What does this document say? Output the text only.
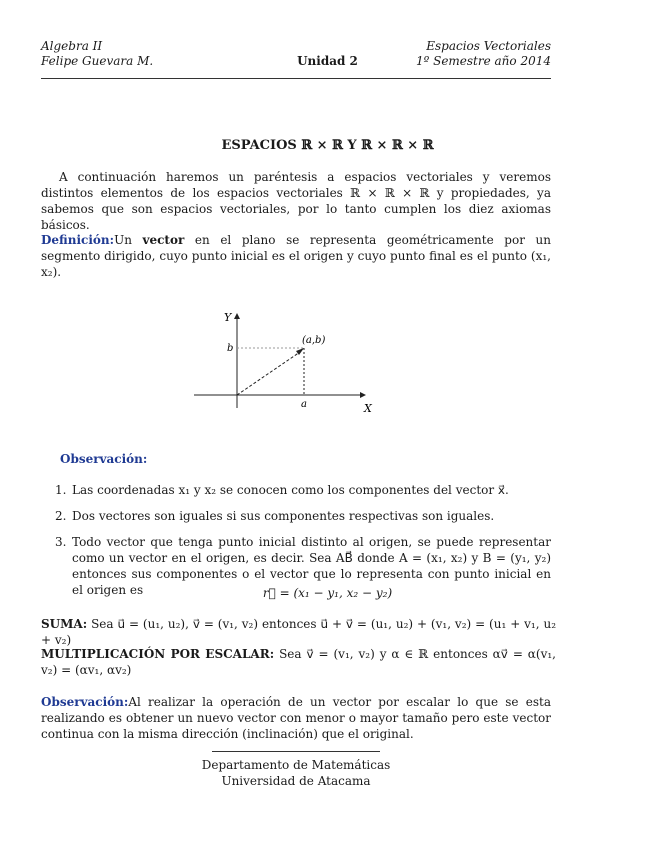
Algebra II
Felipe Guevara M.	Unidad 2
Espacios Vectoriales
1º Semestre año 2014
ESPACIOS ℝ × ℝ Y ℝ × ℝ × ℝ

A continuación haremos un paréntesis a espacios vectoriales y veremos distintos elementos de los espacios vectoriales ℝ × ℝ × ℝ y propiedades, ya sabemos que son espacios vectoriales, por lo tanto cumplen los diez axiomas básicos.

Definición:Un vector en el plano se representa geométricamente por un segmento dirigido, cuyo punto inicial es el origen y cuyo punto final es el punto (x₁, x₂).

Y
X
b
a
(a,b)
Observación:
1. Las coordenadas x₁ y x₂ se conocen como los componentes del vector x⃗.
2. Dos vectores son iguales si sus componentes respectivas son iguales.
3. Todo vector que tenga punto inicial distinto al origen, se puede representar como un vector en el origen, es decir. Sea AB⃗ donde A = (x₁, x₂) y B = (y₁, y₂) entonces sus componentes o el vector que lo representa con punto inicial en el origen es	r⃗ = (x₁ − y₁, x₂ − y₂)

SUMA: Sea u⃗ = (u₁, u₂), v⃗ = (v₁, v₂) entonces u⃗ + v⃗ = (u₁, u₂) + (v₁, v₂) = (u₁ + v₁, u₂ + v₂)

MULTIPLICACIÓN POR ESCALAR: Sea v⃗ = (v₁, v₂) y α ∈ ℝ entonces αv⃗ = α(v₁, v₂) = (αv₁, αv₂)

Observación:Al realizar la operación de un vector por escalar lo que se esta realizando es obtener un nuevo vector con menor o mayor tamaño pero este vector continua con la misma dirección (inclinación) que el original.

Departamento de Matemáticas
Universidad de Atacama
